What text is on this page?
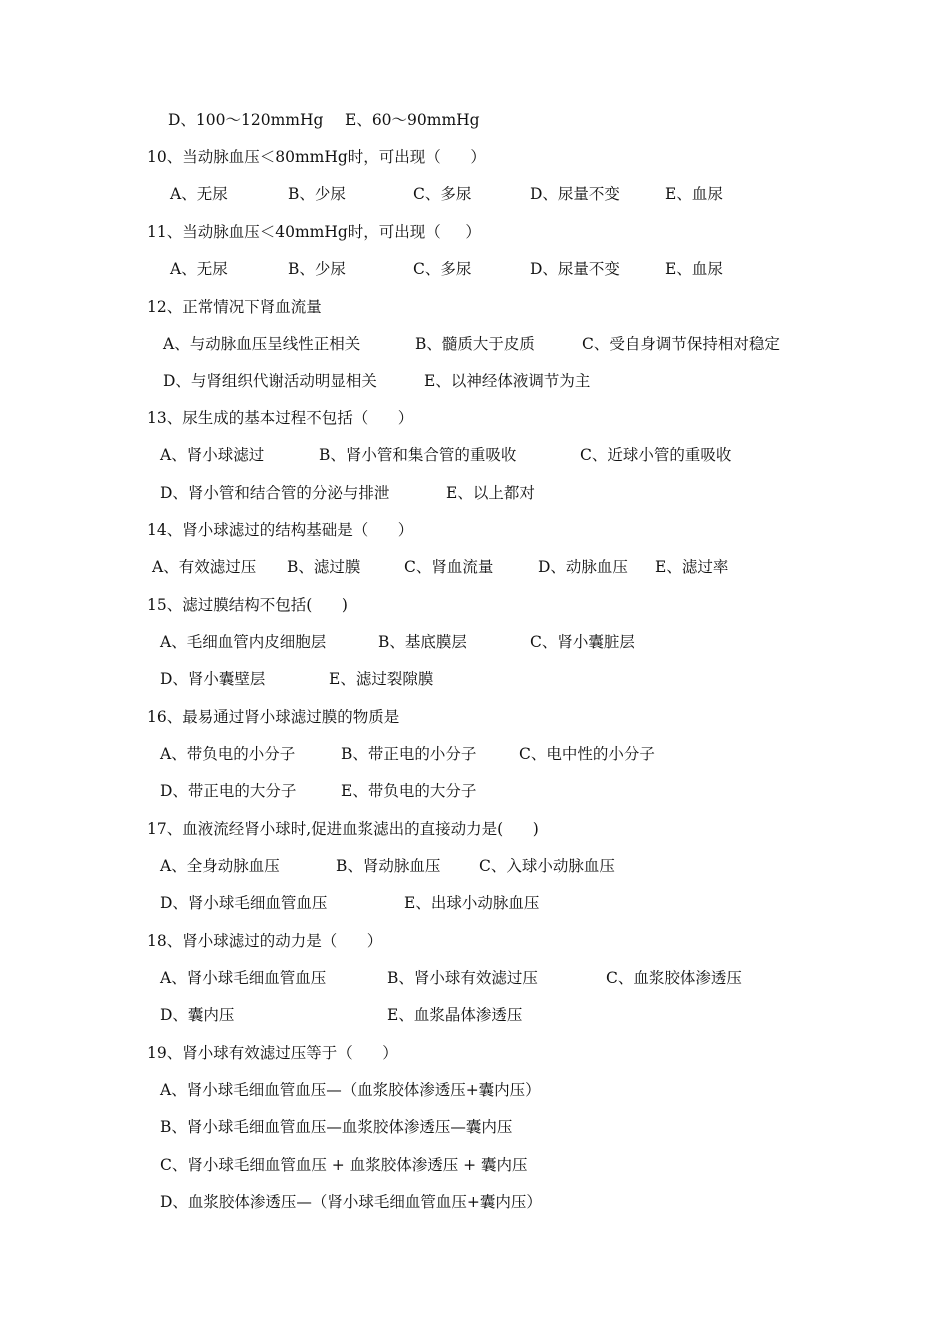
D、100～120mmHg

E、60～90mmHg

10、当动脉血压＜80mmHg时，可出现（      ）

A、无尿

	B、少尿

	C、多尿

	D、尿量不变

	E、血尿

11、当动脉血压＜40mmHg时，可出现（     ）

A、无尿

	B、少尿

	C、多尿

	D、尿量不变

	E、血尿

12、正常情况下肾血流量

A、与动脉血压呈线性正相关

	B、髓质大于皮质

	C、受自身调节保持相对稳定

D、与肾组织代谢活动明显相关

	E、以神经体液调节为主

13、尿生成的基本过程不包括（      ）

A、肾小球滤过

	B、肾小管和集合管的重吸收

	C、近球小管的重吸收

D、肾小管和结合管的分泌与排泄

	E、以上都对

14、肾小球滤过的结构基础是（      ）

A、有效滤过压

B、滤过膜

	C、肾血流量

	D、动脉血压

E、滤过率

15、滤过膜结构不包括(      )

A、毛细血管内皮细胞层

	B、基底膜层

	C、肾小囊脏层

D、肾小囊壁层

	E、滤过裂隙膜

16、最易通过肾小球滤过膜的物质是

A、带负电的小分子

	B、带正电的小分子

	C、电中性的小分子

D、带正电的大分子

	E、带负电的大分子

17、血液流经肾小球时,促进血浆滤出的直接动力是(      )

A、全身动脉血压

	B、肾动脉血压

C、入球小动脉血压

D、肾小球毛细血管血压

	E、出球小动脉血压

18、肾小球滤过的动力是（      ）

A、肾小球毛细血管血压

	B、肾小球有效滤过压

	C、血浆胶体渗透压

D、囊内压

	E、血浆晶体渗透压

19、肾小球有效滤过压等于（      ）
A、肾小球毛细血管血压—（血浆胶体渗透压+囊内压）
B、肾小球毛细血管血压—血浆胶体渗透压—囊内压
C、肾小球毛细血管血压 + 血浆胶体渗透压 + 囊内压
D、血浆胶体渗透压—（肾小球毛细血管血压+囊内压）
